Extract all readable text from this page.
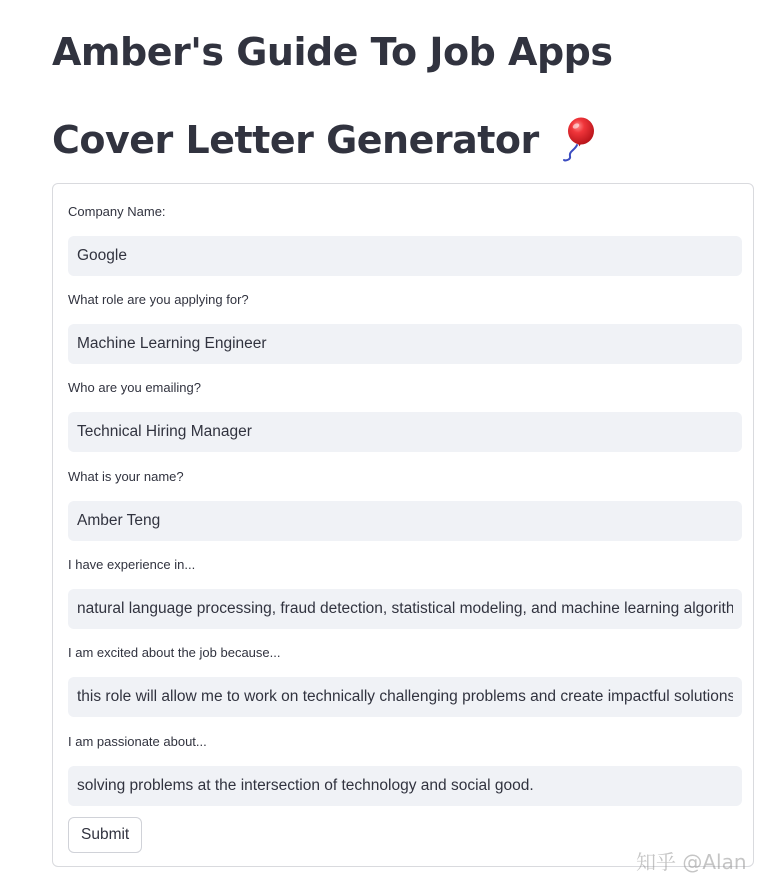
Amber's Guide To Job Apps
Cover Letter Generator

Company Name:

Google

What role are you applying for?

Machine Learning Engineer

Who are you emailing?

Technical Hiring Manager

What is your name?

Amber Teng

I have experience in...

natural language processing, fraud detection, statistical modeling, and machine learning algorithm

I am excited about the job because...

this role will allow me to work on technically challenging problems and create impactful solutions v

I am passionate about...

solving problems at the intersection of technology and social good.
Submit
知乎 @Alan
